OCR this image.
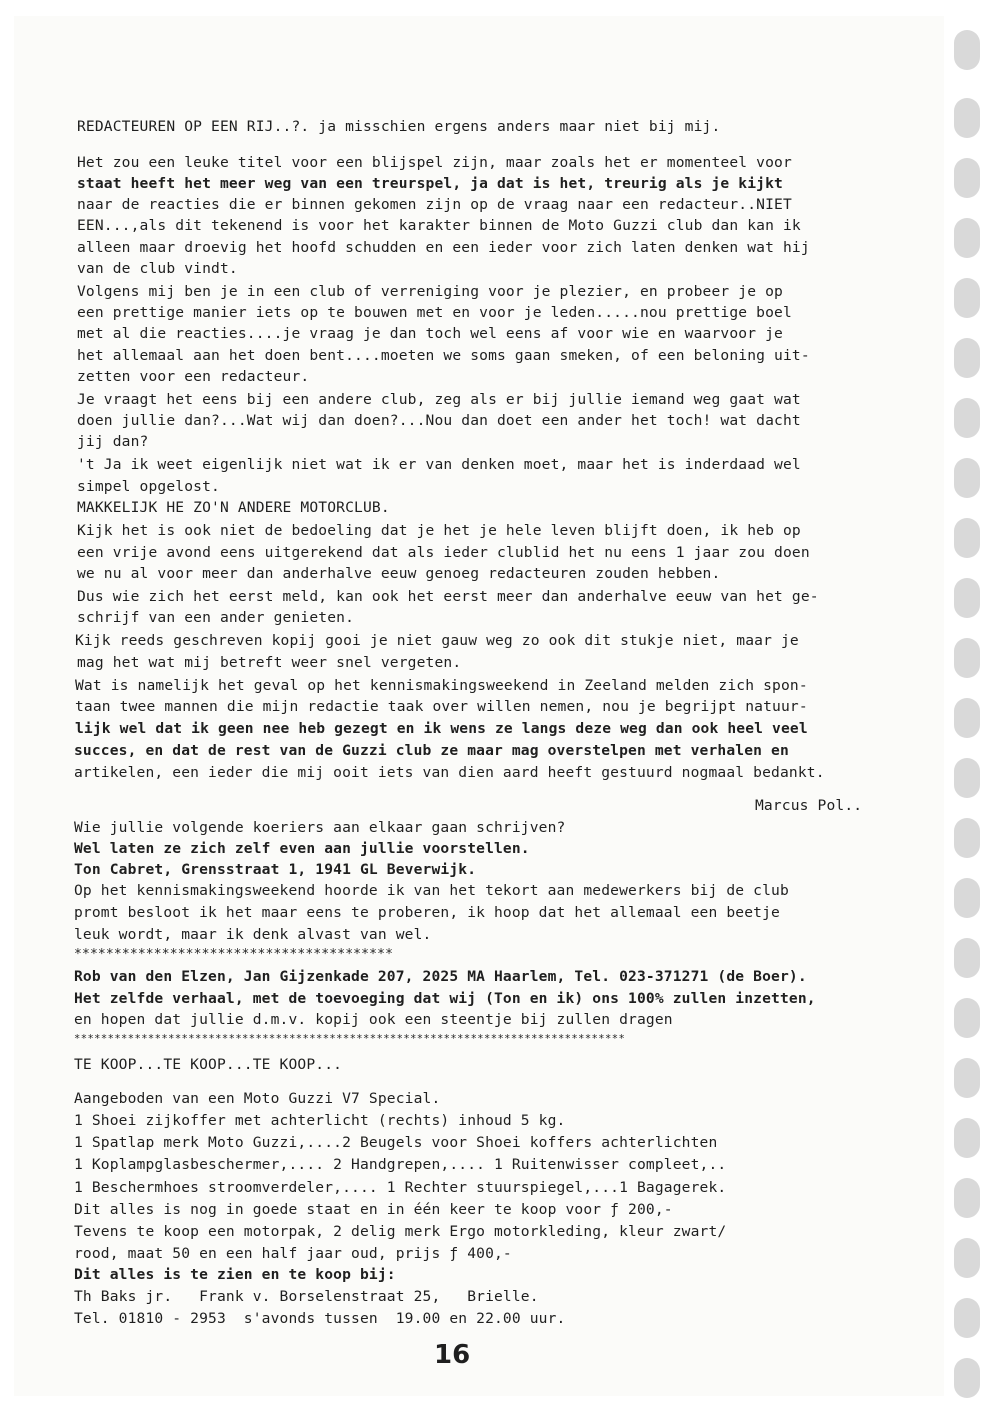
REDACTEUREN OP EEN RIJ..?. ja misschien ergens anders maar niet bij mij.
Het zou een leuke titel voor een blijspel zijn, maar zoals het er momenteel voor
staat heeft het meer weg van een treurspel, ja dat is het, treurig als je kijkt
naar de reacties die er binnen gekomen zijn op de vraag naar een redacteur..NIET
EEN...,als dit tekenend is voor het karakter binnen de Moto Guzzi club dan kan ik
alleen maar droevig het hoofd schudden en een ieder voor zich laten denken wat hij
van de club vindt.
Volgens mij ben je in een club of verreniging voor je plezier, en probeer je op
een prettige manier iets op te bouwen met en voor je leden.....nou prettige boel
met al die reacties....je vraag je dan toch wel eens af voor wie en waarvoor je
het allemaal aan het doen bent....moeten we soms gaan smeken, of een beloning uit-
zetten voor een redacteur.
Je vraagt het eens bij een andere club, zeg als er bij jullie iemand weg gaat wat
doen jullie dan?...Wat wij dan doen?...Nou dan doet een ander het toch! wat dacht
jij dan?
't Ja ik weet eigenlijk niet wat ik er van denken moet, maar het is inderdaad wel
simpel opgelost.
MAKKELIJK HE ZO'N ANDERE MOTORCLUB.
Kijk het is ook niet de bedoeling dat je het je hele leven blijft doen, ik heb op
een vrije avond eens uitgerekend dat als ieder clublid het nu eens 1 jaar zou doen
we nu al voor meer dan anderhalve eeuw genoeg redacteuren zouden hebben.
Dus wie zich het eerst meld, kan ook het eerst meer dan anderhalve eeuw van het ge-
schrijf van een ander genieten.
Kijk reeds geschreven kopij gooi je niet gauw weg zo ook dit stukje niet, maar je
mag het wat mij betreft weer snel vergeten.
Wat is namelijk het geval op het kennismakingsweekend in Zeeland melden zich spon-
taan twee mannen die mijn redactie taak over willen nemen, nou je begrijpt natuur-
lijk wel dat ik geen nee heb gezegt en ik wens ze langs deze weg dan ook heel veel
succes, en dat de rest van de Guzzi club ze maar mag overstelpen met verhalen en
artikelen, een ieder die mij ooit iets van dien aard heeft gestuurd nogmaal bedankt.
Marcus Pol..
Wie jullie volgende koeriers aan elkaar gaan schrijven?
Wel laten ze zich zelf even aan jullie voorstellen.
Ton Cabret, Grensstraat 1, 1941 GL Beverwijk.
Op het kennismakingsweekend hoorde ik van het tekort aan medewerkers bij de club
promt besloot ik het maar eens te proberen, ik hoop dat het allemaal een beetje
leuk wordt, maar ik denk alvast van wel.
****************************************
Rob van den Elzen, Jan Gijzenkade 207, 2025 MA Haarlem, Tel. 023-371271 (de Boer).
Het zelfde verhaal, met de toevoeging dat wij (Ton en ik) ons 100% zullen inzetten,
en hopen dat jullie d.m.v. kopij ook een steentje bij zullen dragen
**********************************************************************************
TE KOOP...TE KOOP...TE KOOP...
Aangeboden van een Moto Guzzi V7 Special.
1 Shoei zijkoffer met achterlicht (rechts) inhoud 5 kg.
1 Spatlap merk Moto Guzzi,....2 Beugels voor Shoei koffers achterlichten
1 Koplampglasbeschermer,.... 2 Handgrepen,.... 1 Ruitenwisser compleet,..
1 Beschermhoes stroomverdeler,.... 1 Rechter stuurspiegel,...1 Bagagerek.
Dit alles is nog in goede staat en in één keer te koop voor ƒ 200,-
Tevens te koop een motorpak, 2 delig merk Ergo motorkleding, kleur zwart/
rood, maat 50 en een half jaar oud, prijs ƒ 400,-
Dit alles is te zien en te koop bij:
Th Baks jr.   Frank v. Borselenstraat 25,   Brielle.
Tel. 01810 - 2953  s'avonds tussen  19.00 en 22.00 uur.
16
